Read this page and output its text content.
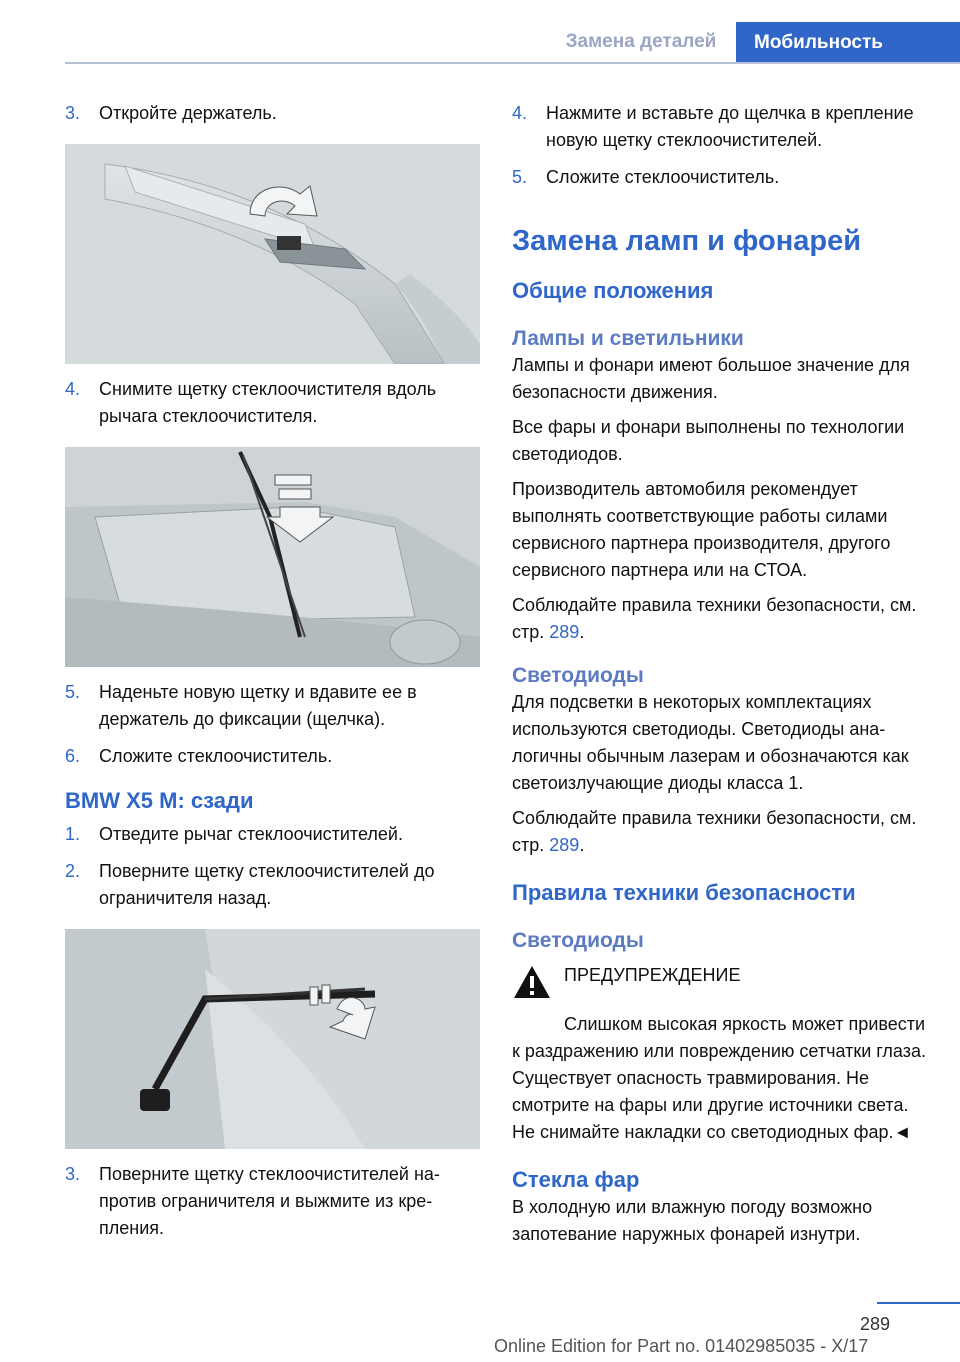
Замена деталей	Мобильность
3.	Откройте держатель.
4.	Снимите щетку стеклоочистителя вдоль рычага стеклоочистителя.
5.	Наденьте новую щетку и вдавите ее в держатель до фиксации (щелчка).
6.	Сложите стеклоочиститель.
BMW X5 M: сзади
1.	Отведите рычаг стеклоочистителей.
2.	Поверните щетку стеклоочистителей до ограничителя назад.
3.	Поверните щетку стеклоочистителей напротив ограничителя и выжмите из крепления.
4.	Нажмите и вставьте до щелчка в крепление новую щетку стеклоочистителей.
5.	Сложите стеклоочиститель.
Замена ламп и фонарей
Общие положения
Лампы и светильники

Лампы и фонари имеют большое значение для безопасности движения.

Все фары и фонари выполнены по технологии светодиодов.

Производитель автомобиля рекомендует выполнять соответствующие работы силами сервисного партнера производителя, другого сервисного партнера или на СТОА.

Соблюдайте правила техники безопасности, см. стр. 289.

Светодиоды

Для подсветки в некоторых комплектациях используются светодиоды. Светодиоды аналогичны обычным лазерам и обозначаются как светоизлучающие диоды класса 1.

Соблюдайте правила техники безопасности, см. стр. 289.

Правила техники безопасности
Светодиоды
ПРЕДУПРЕЖДЕНИЕ

Слишком высокая яркость может привести к раздражению или повреждению сетчатки глаза. Существует опасность травмирования. Не смотрите на фары или другие источники света. Не снимайте накладки со светодиодных фар.◄

Стекла фар

В холодную или влажную погоду возможно запотевание наружных фонарей изнутри.

289
Online Edition for Part no. 01402985035 - X/17
